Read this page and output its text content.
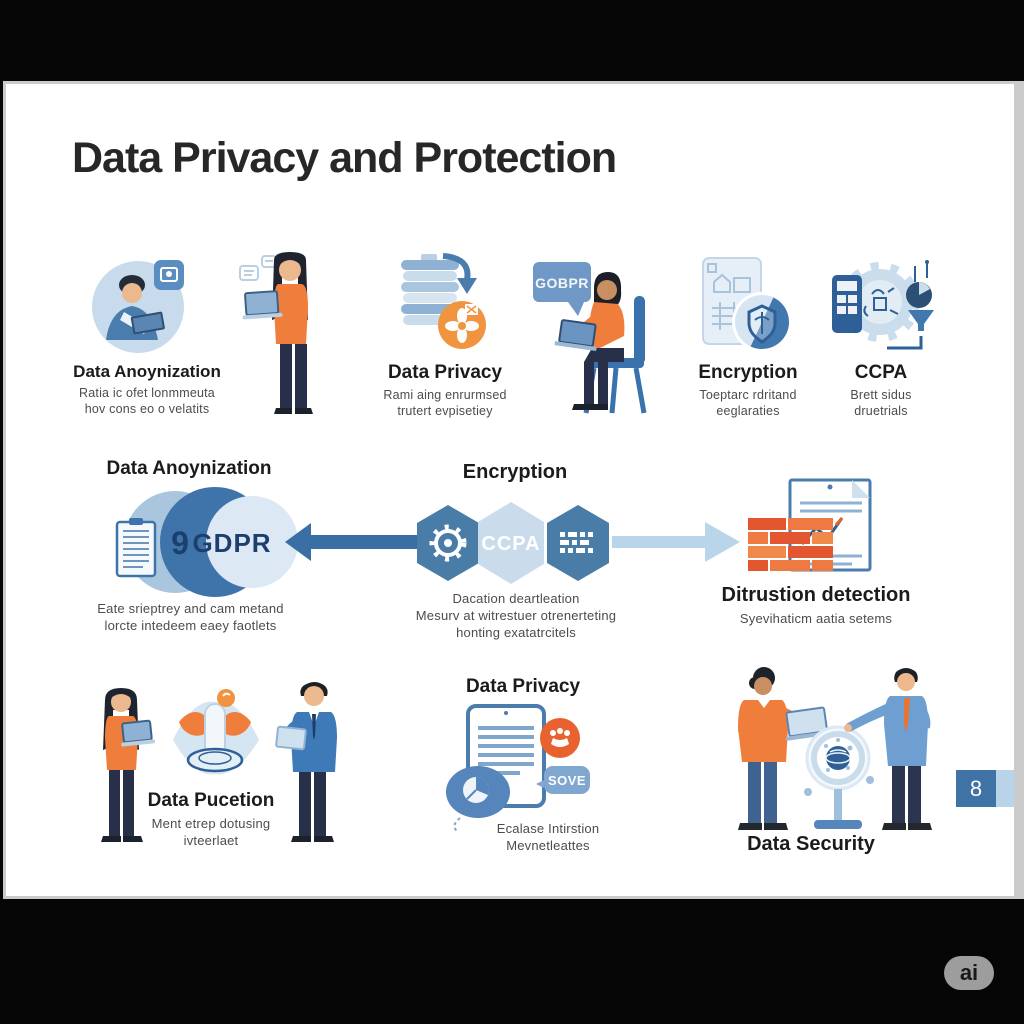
Data Privacy and Protection
GOBPR
Data Anoynization
Ratia ic ofet lonmmeuta
hov cons eo o velatits
Data Privacy
Rami aing enrurmsed
trutert evpisetiey
Encryption
Toeptarc rdritand
eeglaraties
CCPA
Brett sidus
druetrials
Data Anoynization
9 GDPR	CCPA
Eate srieptrey and cam metand
lorcte intedeem eaey faotlets
Encryption
Dacation deartleation
Mesurv at witrestuer otrenerteting
honting exatatrcitels
Ditrustion detection
Syevihaticm aatia setems
Data Pucetion
Ment etrep dotusing
ivteerlaet
Data Privacy
SOVE
Ecalase Intirstion
Mevnetleattes	Data Security
8
ai
